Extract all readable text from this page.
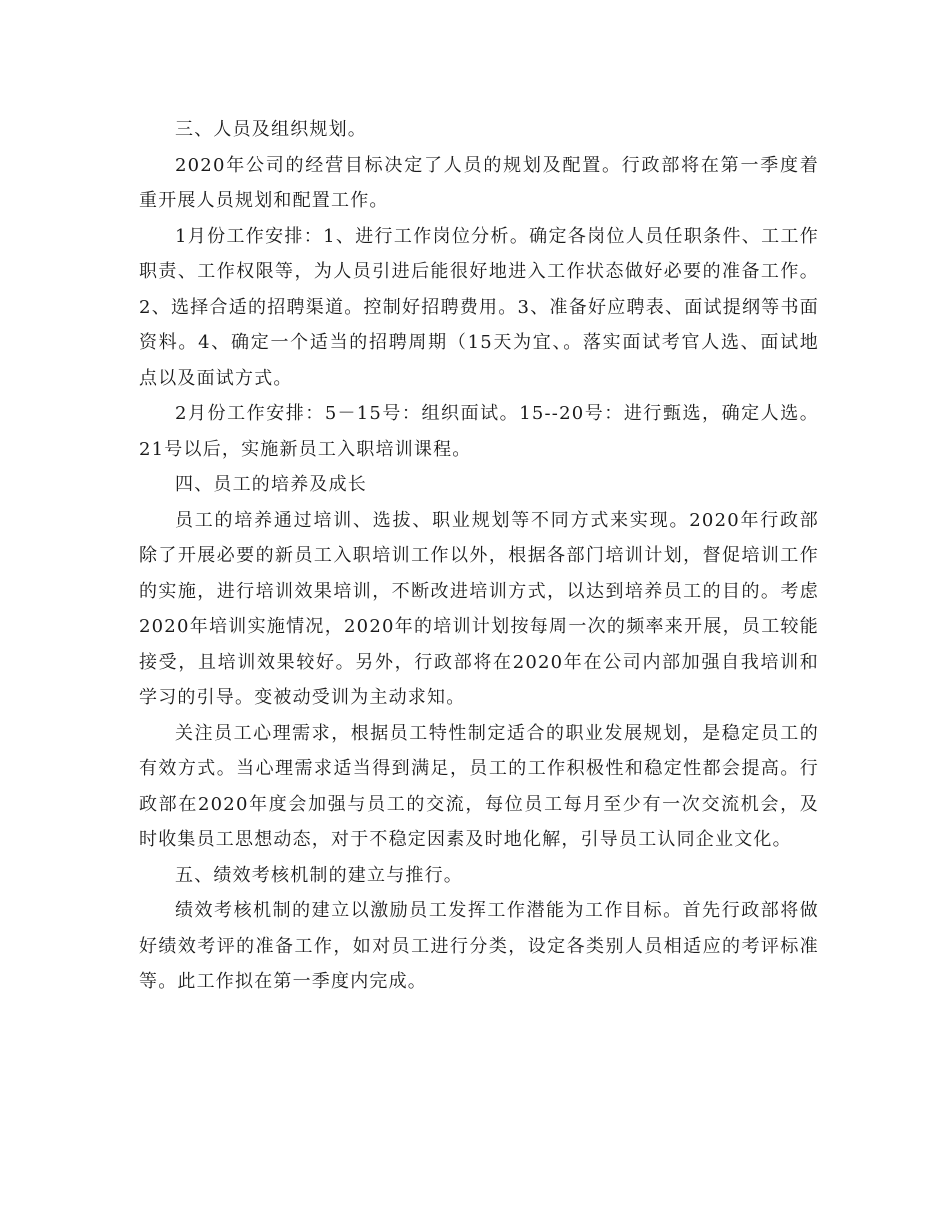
三、人员及组织规划。

2020年公司的经营目标决定了人员的规划及配置。行政部将在第一季度着重开展人员规划和配置工作。

1月份工作安排：1、进行工作岗位分析。确定各岗位人员任职条件、工工作职责、工作权限等，为人员引进后能很好地进入工作状态做好必要的准备工作。2、选择合适的招聘渠道。控制好招聘费用。3、准备好应聘表、面试提纲等书面资料。4、确定一个适当的招聘周期（15天为宜、。落实面试考官人选、面试地点以及面试方式。

2月份工作安排：5－15号：组织面试。15--20号：进行甄选，确定人选。21号以后，实施新员工入职培训课程。

四、员工的培养及成长

员工的培养通过培训、选拔、职业规划等不同方式来实现。2020年行政部除了开展必要的新员工入职培训工作以外，根据各部门培训计划，督促培训工作的实施，进行培训效果培训，不断改进培训方式，以达到培养员工的目的。考虑2020年培训实施情况，2020年的培训计划按每周一次的频率来开展，员工较能接受，且培训效果较好。另外，行政部将在2020年在公司内部加强自我培训和学习的引导。变被动受训为主动求知。

关注员工心理需求，根据员工特性制定适合的职业发展规划，是稳定员工的有效方式。当心理需求适当得到满足，员工的工作积极性和稳定性都会提高。行政部在2020年度会加强与员工的交流，每位员工每月至少有一次交流机会，及时收集员工思想动态，对于不稳定因素及时地化解，引导员工认同企业文化。

五、绩效考核机制的建立与推行。

绩效考核机制的建立以激励员工发挥工作潜能为工作目标。首先行政部将做好绩效考评的准备工作，如对员工进行分类，设定各类别人员相适应的考评标准等。此工作拟在第一季度内完成。
